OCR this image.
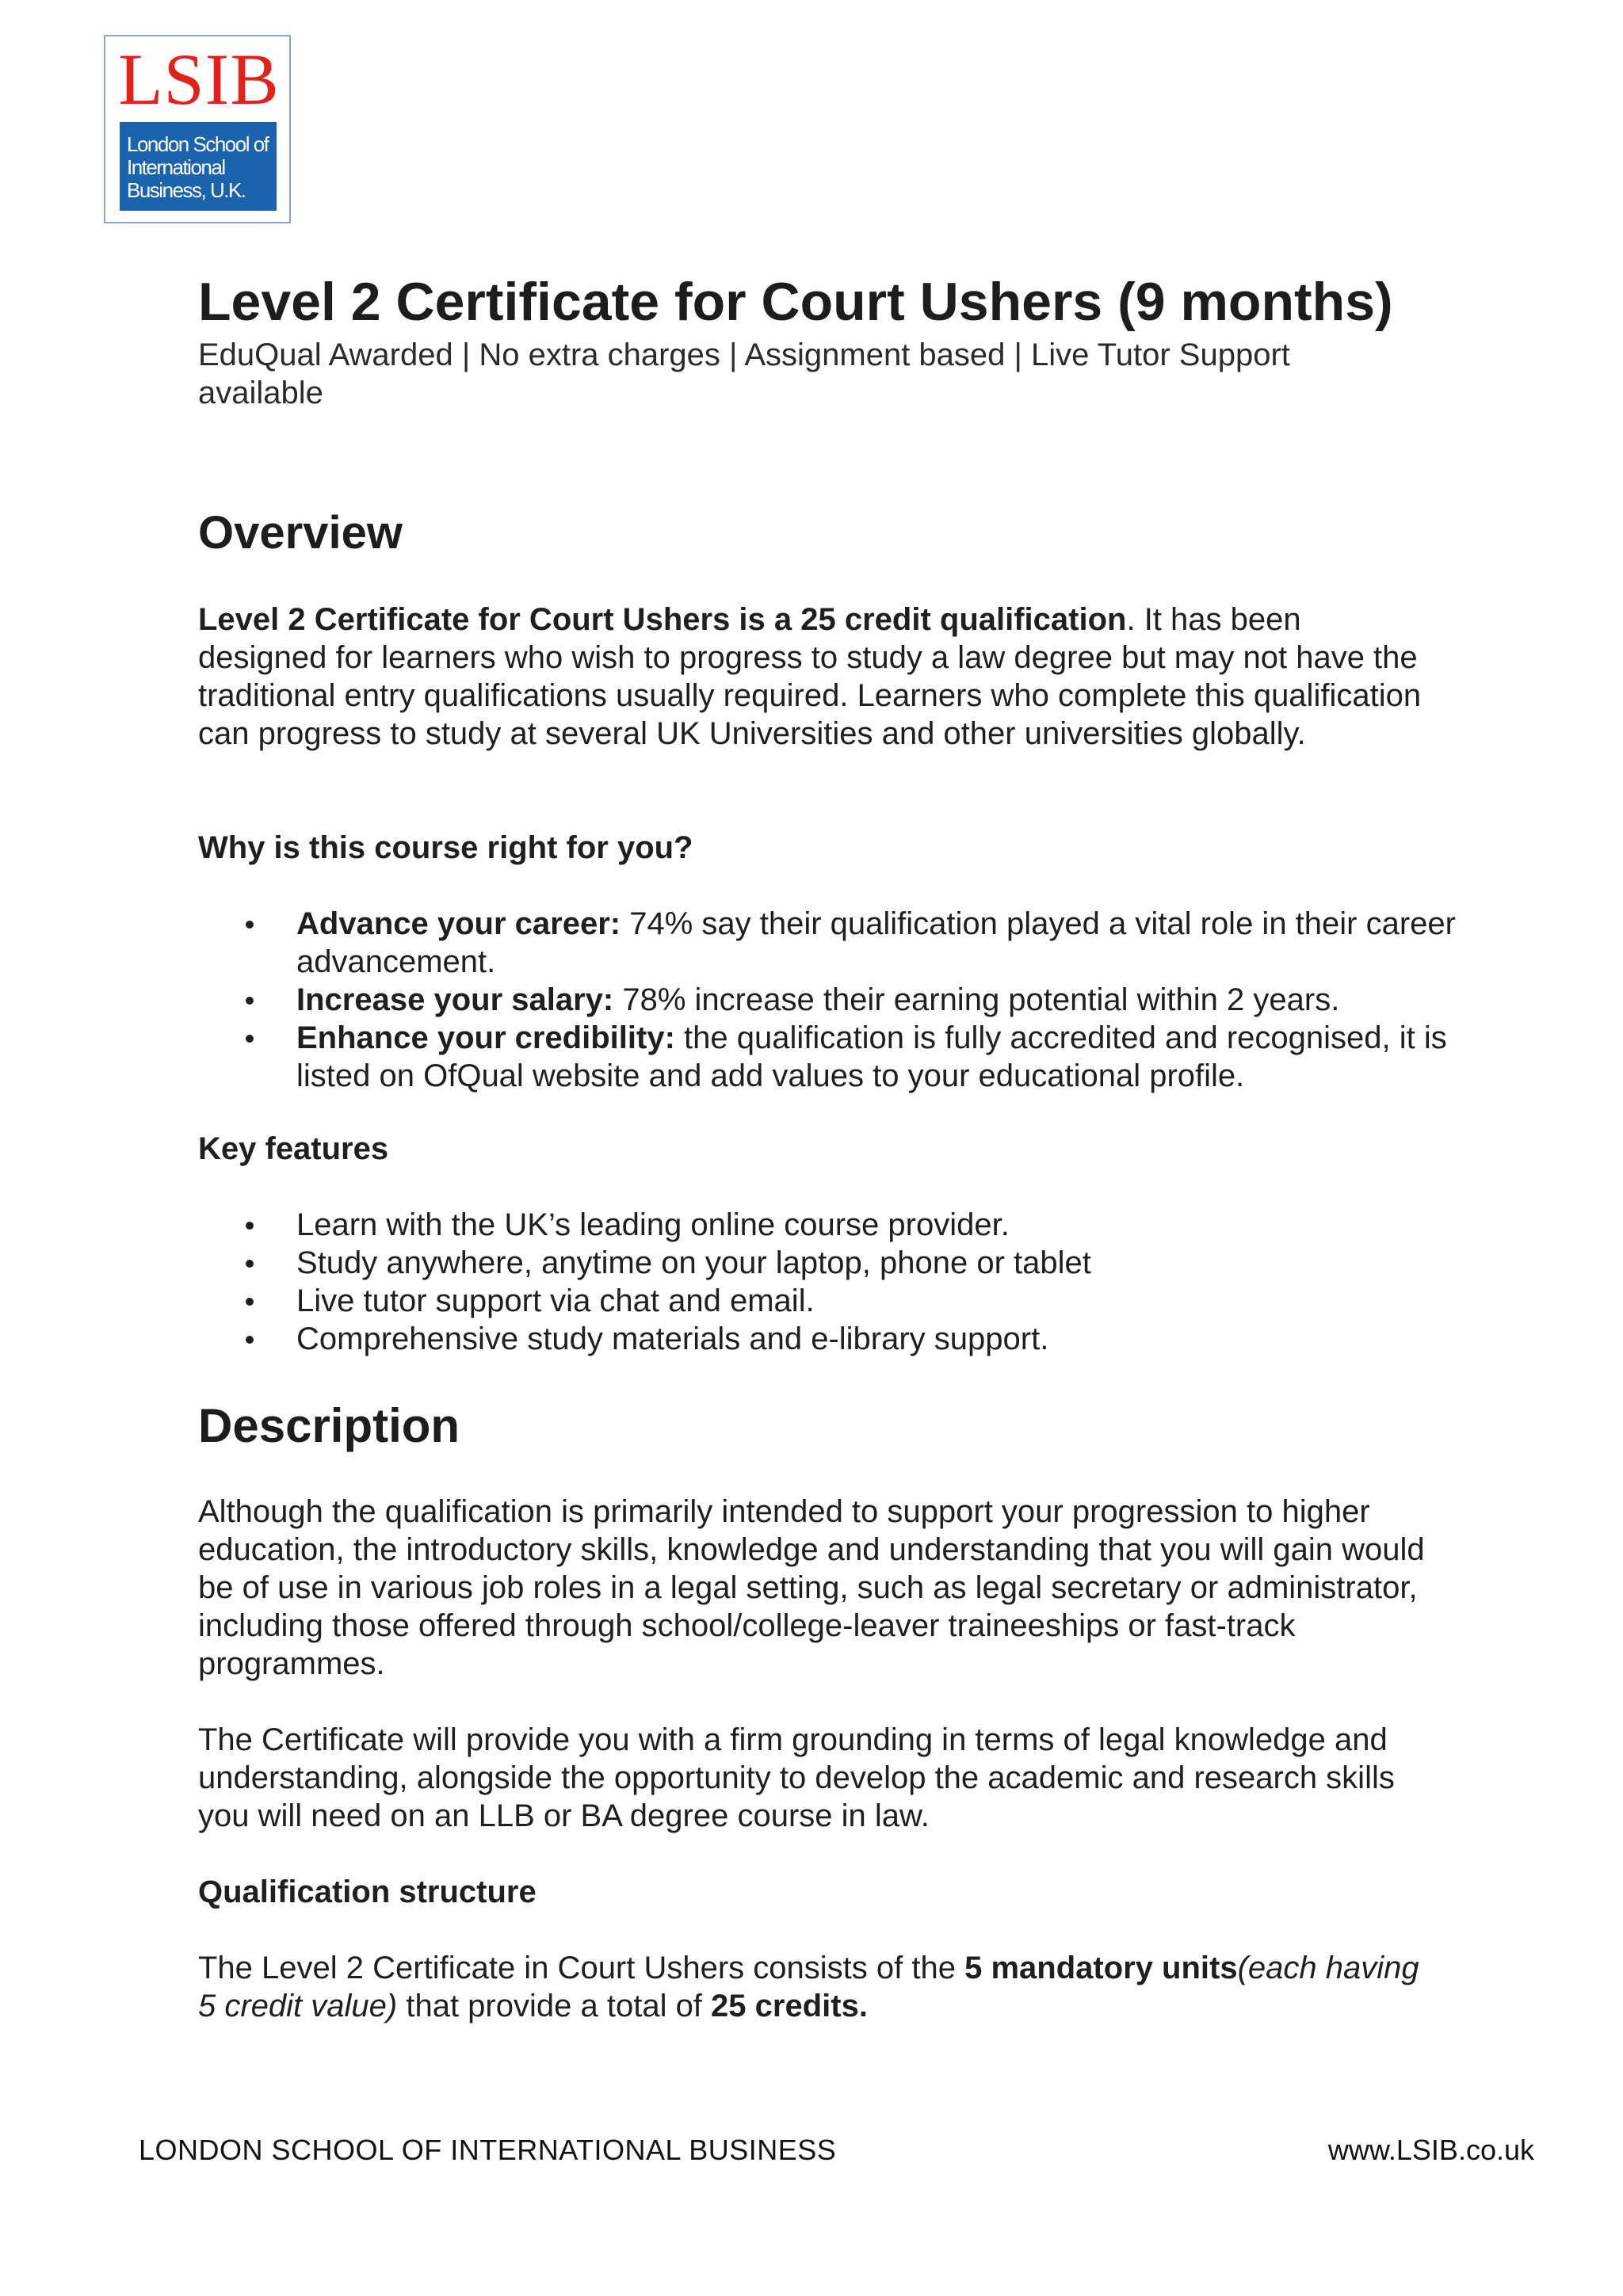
LSIB
London School of
International
Business, U.K.
Level 2 Certificate for Court Ushers (9 months)
EduQual Awarded | No extra charges | Assignment based | Live Tutor Support available
Overview

Level 2 Certificate for Court Ushers is a 25 credit qualification. It has been designed for learners who wish to progress to study a law degree but may not have the traditional entry qualifications usually required. Learners who complete this qualification can progress to study at several UK Universities and other universities globally.

Why is this course right for you?

Advance your career: 74% say their qualification played a vital role in their career advancement.
Increase your salary: 78% increase their earning potential within 2 years.
Enhance your credibility: the qualification is fully accredited and recognised, it is listed on OfQual website and add values to your educational profile.

Key features

Learn with the UK’s leading online course provider.
Study anywhere, anytime on your laptop, phone or tablet
Live tutor support via chat and email.
Comprehensive study materials and e-library support.
Description

Although the qualification is primarily intended to support your progression to higher education, the introductory skills, knowledge and understanding that you will gain would be of use in various job roles in a legal setting, such as legal secretary or administrator, including those offered through school/college-leaver traineeships or fast-track programmes.

The Certificate will provide you with a firm grounding in terms of legal knowledge and understanding, alongside the opportunity to develop the academic and research skills you will need on an LLB or BA degree course in law.

Qualification structure

The Level 2 Certificate in Court Ushers consists of the 5 mandatory units(each having 5 credit value) that provide a total of 25 credits.

LONDON SCHOOL OF INTERNATIONAL BUSINESS	www.LSIB.co.uk
